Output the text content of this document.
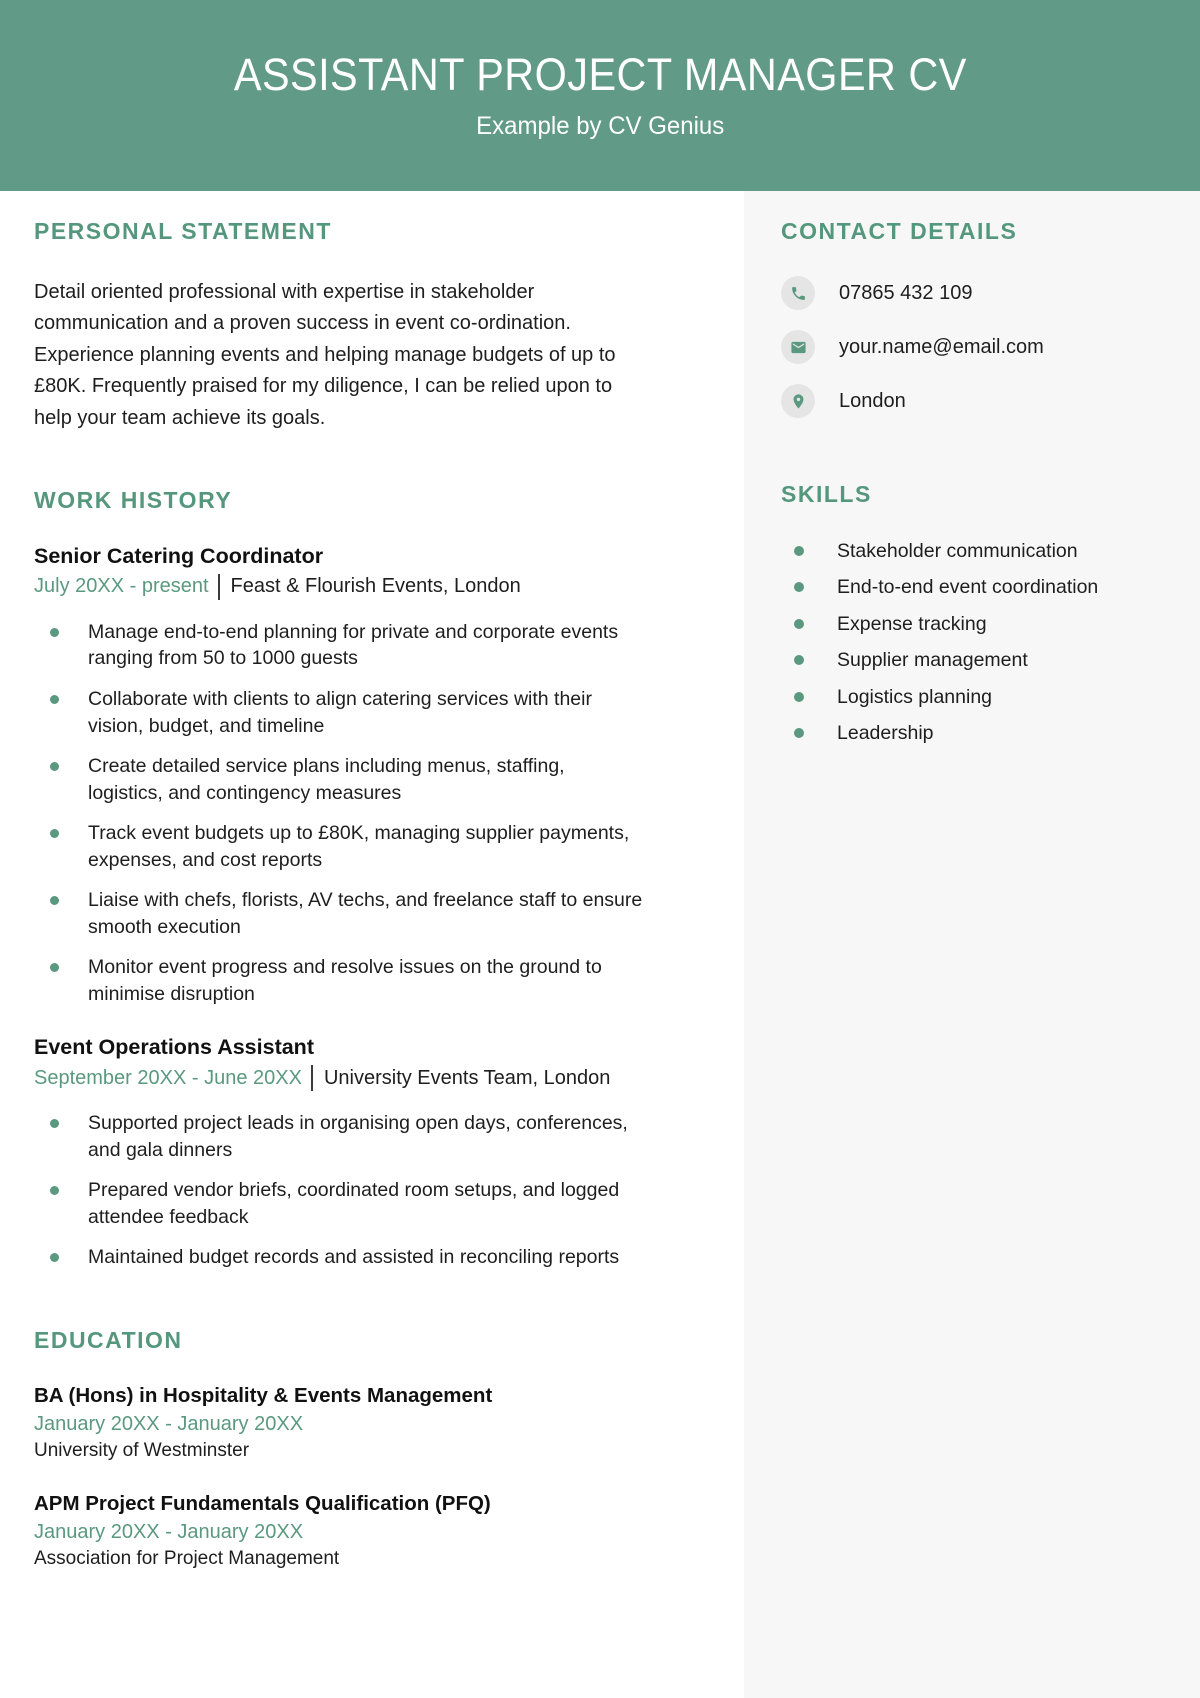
ASSISTANT PROJECT MANAGER CV
Example by CV Genius
PERSONAL STATEMENT

Detail oriented professional with expertise in stakeholder communication and a proven success in event co-ordination. Experience planning events and helping manage budgets of up to £80K. Frequently praised for my diligence, I can be relied upon to help your team achieve its goals.

WORK HISTORY
Senior Catering Coordinator
July 20XX - present Feast & Flourish Events, London
Manage end-to-end planning for private and corporate events ranging from 50 to 1000 guests
Collaborate with clients to align catering services with their vision, budget, and timeline
Create detailed service plans including menus, staffing, logistics, and contingency measures
Track event budgets up to £80K, managing supplier payments, expenses, and cost reports
Liaise with chefs, florists, AV techs, and freelance staff to ensure smooth execution
Monitor event progress and resolve issues on the ground to minimise disruption
Event Operations Assistant
September 20XX - June 20XX University Events Team, London
Supported project leads in organising open days, conferences, and gala dinners
Prepared vendor briefs, coordinated room setups, and logged attendee feedback
Maintained budget records and assisted in reconciling reports
EDUCATION
BA (Hons) in Hospitality & Events Management
January 20XX - January 20XX
University of Westminster
APM Project Fundamentals Qualification (PFQ)
January 20XX - January 20XX
Association for Project Management
CONTACT DETAILS
07865 432 109
your.name@email.com
London
SKILLS
Stakeholder communication
End-to-end event coordination
Expense tracking
Supplier management
Logistics planning
Leadership
